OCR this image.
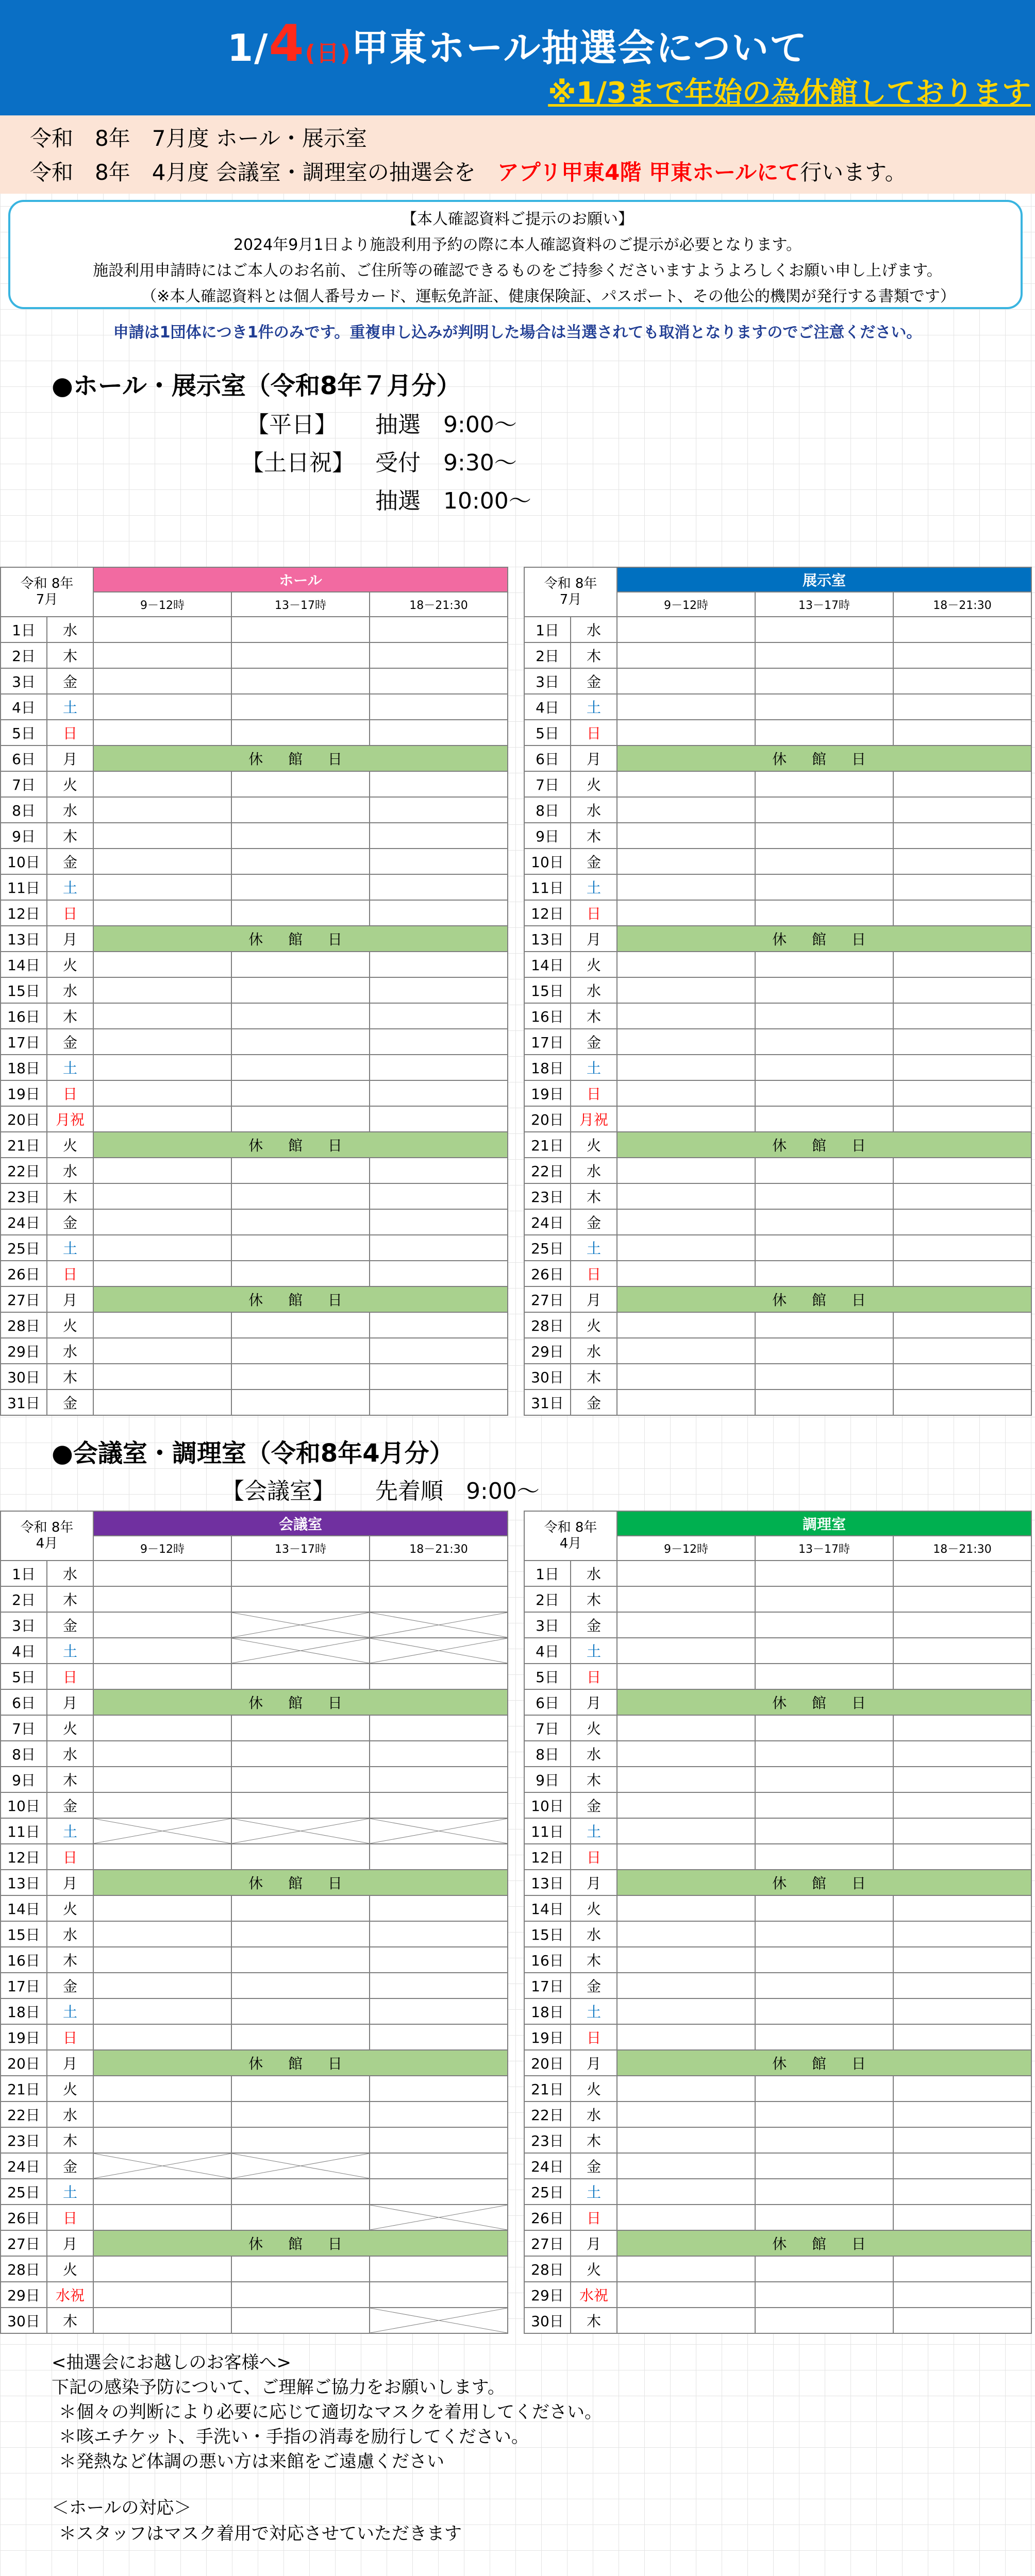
1/4(日)甲東ホール抽選会について
※1/3まで年始の為休館しております
令和　8年　7月度 ホール・展示室
令和　8年　4月度 会議室・調理室の抽選会を　アプリ甲東4階 甲東ホールにて行います。
【本人確認資料ご提示のお願い】
2024年9月1日より施設利用予約の際に本人確認資料のご提示が必要となります。
施設利用申請時にはご本人のお名前、ご住所等の確認できるものをご持参くださいますようよろしくお願い申し上げます。
（※本人確認資料とは個人番号カード、運転免許証、健康保険証、パスポート、その他公的機関が発行する書類です）
申請は1団体につき1件のみです。重複申し込みが判明した場合は当選されても取消となりますのでご注意ください。
●ホール・展示室（令和8年７月分）
【平日】 抽選　9:00～
【土日祝】 受付　9:30～
抽選　10:00～
●会議室・調理室（令和8年4月分）
【会議室】 先着順　9:00～
令和 8年
7月		ホール		
		9－12時	13－17時	18－21:30
1日	水			
2日	木			
3日	金			
4日	土			
5日	日			
6日	月	休 館 日		
7日	火			
8日	水			
9日	木			
10日	金			
11日	土			
12日	日			
13日	月	休 館 日		
14日	火			
15日	水			
16日	木			
17日	金			
18日	土			
19日	日			
20日	月祝			
21日	火	休 館 日		
22日	水			
23日	木			
24日	金			
25日	土			
26日	日			
27日	月	休 館 日		
28日	火			
29日	水			
30日	木			
31日	金			
令和 8年
7月		展示室		
		9－12時	13－17時	18－21:30
1日	水			
2日	木			
3日	金			
4日	土			
5日	日			
6日	月	休 館 日		
7日	火			
8日	水			
9日	木			
10日	金			
11日	土			
12日	日			
13日	月	休 館 日		
14日	火			
15日	水			
16日	木			
17日	金			
18日	土			
19日	日			
20日	月祝			
21日	火	休 館 日		
22日	水			
23日	木			
24日	金			
25日	土			
26日	日			
27日	月	休 館 日		
28日	火			
29日	水			
30日	木			
31日	金			
令和 8年
4月		会議室		
		9－12時	13－17時	18－21:30
1日	水			
2日	木			
3日	金		

4日	土		

5日	日			
6日	月	休 館 日		
7日	火			
8日	水			
9日	木			
10日	金			
11日	土	

12日	日			
13日	月	休 館 日		
14日	火			
15日	水			
16日	木			
17日	金			
18日	土			
19日	日			
20日	月	休 館 日		
21日	火			
22日	水			
23日	木			
24日	金	

25日	土			
26日	日			

27日	月	休 館 日		
28日	火			
29日	水祝			
30日	木			
令和 8年
4月		調理室		
		9－12時	13－17時	18－21:30
1日	水			
2日	木			
3日	金			
4日	土			
5日	日			
6日	月	休 館 日		
7日	火			
8日	水			
9日	木			
10日	金			
11日	土			
12日	日			
13日	月	休 館 日		
14日	火			
15日	水			
16日	木			
17日	金			
18日	土			
19日	日			
20日	月	休 館 日		
21日	火			
22日	水			
23日	木			
24日	金			
25日	土			
26日	日			
27日	月	休 館 日		
28日	火			
29日	水祝			
30日	木			
<抽選会にお越しのお客様へ>
下記の感染予防について、ご理解ご協力をお願いします。
＊個々の判断により必要に応じて適切なマスクを着用してください。
＊咳エチケット、手洗い・手指の消毒を励行してください。
＊発熱など体調の悪い方は来館をご遠慮ください
＜ホールの対応＞
＊スタッフはマスク着用で対応させていただきます
